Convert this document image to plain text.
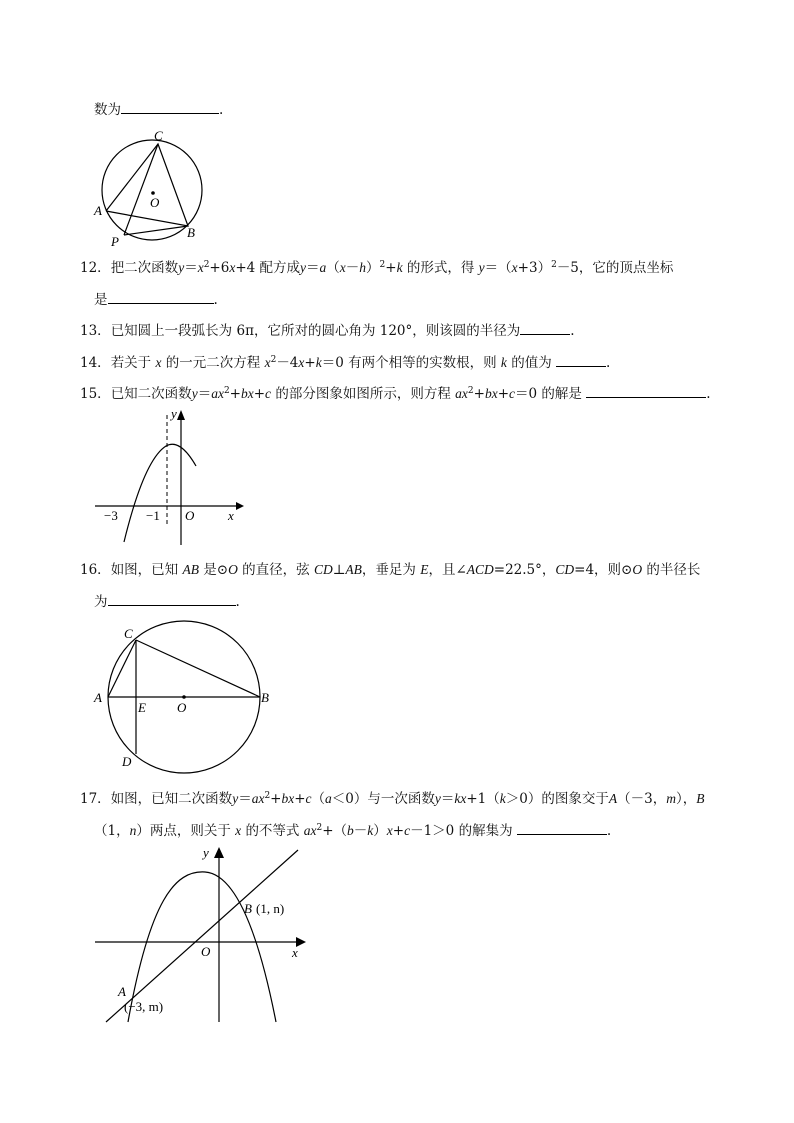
数为	.
C
O
A
P
B
12．把二次函数$y=x^2+6x+4$ 配方成$y=a(x-h)^2+k$ 的形式，得 $y=(x+3)^2-5$，它的顶点坐标
是	.
13．已知圆上一段弧长为 6π，它所对的圆心角为 120°，则该圆的半径为	.
14．若关于 x 的一元二次方程 $x^2-4x+k=0$ 有两个相等的实数根，则 k 的值为	.
15．已知二次函数$y=ax^2+bx+c$ 的部分图象如图所示，则方程 $ax^2+bx+c=0$ 的解是	.
y
x
O
−3 −1
16．如图，已知 AB 是⊙O 的直径，弦 CD⊥AB，垂足为 E，且∠ACD=22.5°，CD=4，则⊙O 的半径长
为	.
C
A
E O
B
D
17．如图，已知二次函数$y=ax^2+bx+c(a<0)$与一次函数y＝kx+1（k＞0）的图象交于A（－3，m），B
（1，n）两点，则关于 x 的不等式 $ax^2+(b-k)x+c-1>0$ 的解集为	.
y
x
O
A
(−3, m)
B (1, n)
